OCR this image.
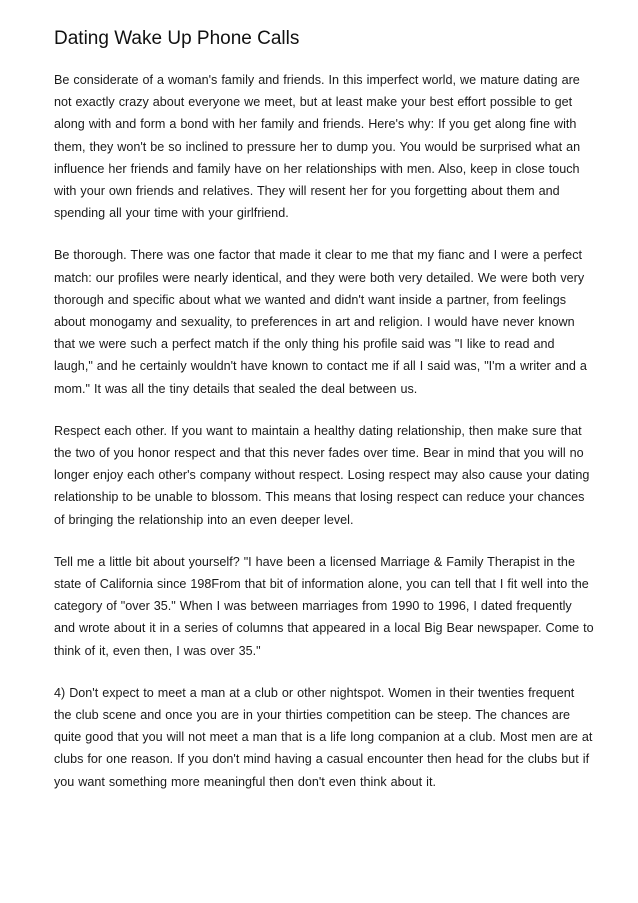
Dating Wake Up Phone Calls

Be considerate of a woman's family and friends. In this imperfect world, we mature dating are not exactly crazy about everyone we meet, but at least make your best effort possible to get along with and form a bond with her family and friends. Here's why: If you get along fine with them, they won't be so inclined to pressure her to dump you. You would be surprised what an influence her friends and family have on her relationships with men. Also, keep in close touch with your own friends and relatives. They will resent her for you forgetting about them and spending all your time with your girlfriend.

Be thorough. There was one factor that made it clear to me that my fianc and I were a perfect match: our profiles were nearly identical, and they were both very detailed. We were both very thorough and specific about what we wanted and didn't want inside a partner, from feelings about monogamy and sexuality, to preferences in art and religion. I would have never known that we were such a perfect match if the only thing his profile said was "I like to read and laugh," and he certainly wouldn't have known to contact me if all I said was, "I'm a writer and a mom." It was all the tiny details that sealed the deal between us.

Respect each other. If you want to maintain a healthy dating relationship, then make sure that the two of you honor respect and that this never fades over time. Bear in mind that you will no longer enjoy each other's company without respect. Losing respect may also cause your dating relationship to be unable to blossom. This means that losing respect can reduce your chances of bringing the relationship into an even deeper level.

Tell me a little bit about yourself? "I have been a licensed Marriage & Family Therapist in the state of California since 198From that bit of information alone, you can tell that I fit well into the category of "over 35." When I was between marriages from 1990 to 1996, I dated frequently and wrote about it in a series of columns that appeared in a local Big Bear newspaper. Come to think of it, even then, I was over 35."

4) Don't expect to meet a man at a club or other nightspot. Women in their twenties frequent the club scene and once you are in your thirties competition can be steep. The chances are quite good that you will not meet a man that is a life long companion at a club. Most men are at clubs for one reason. If you don't mind having a casual encounter then head for the clubs but if you want something more meaningful then don't even think about it.
